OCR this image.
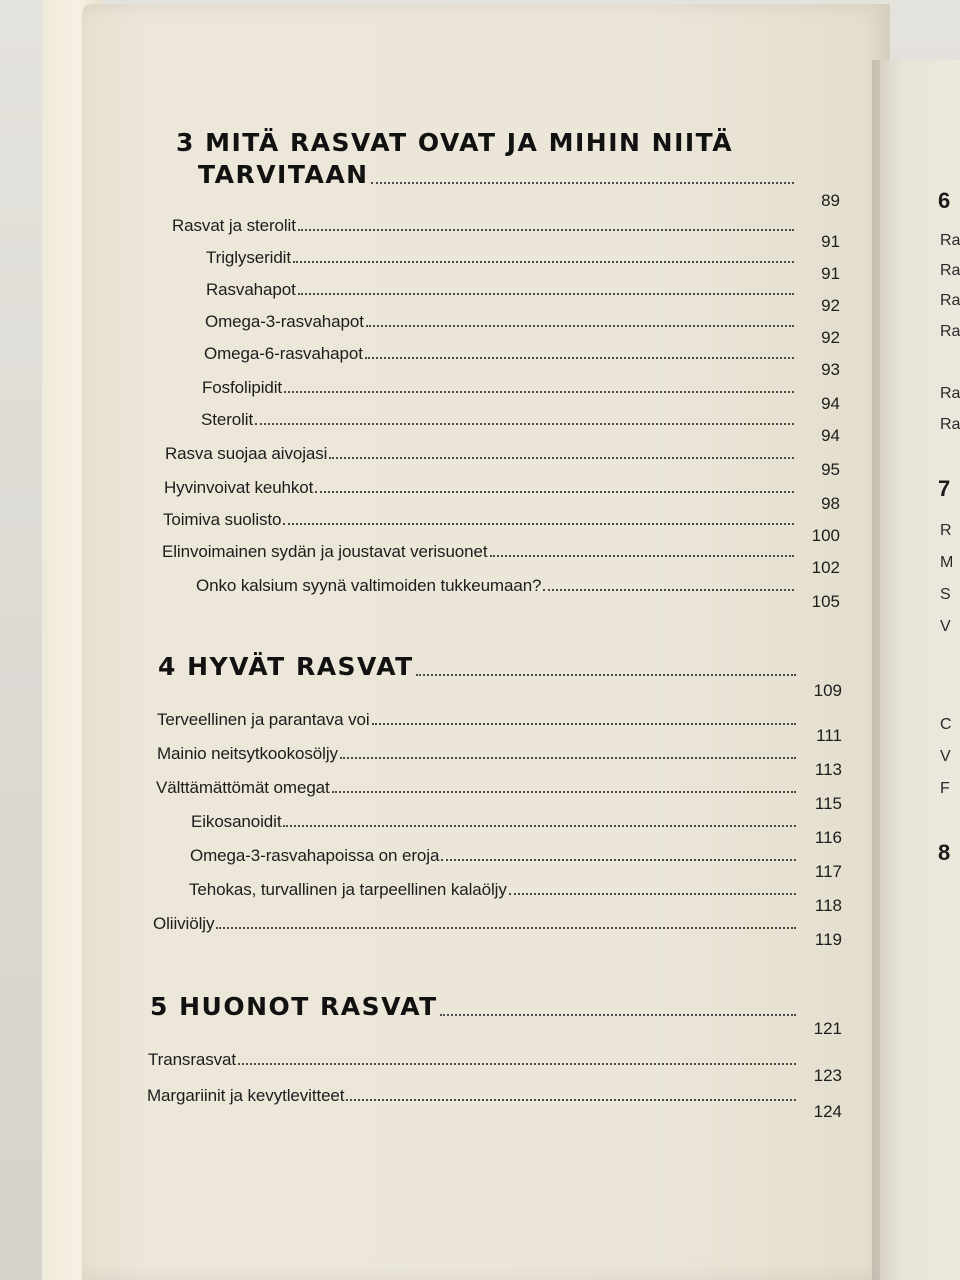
6
Ra
Ra
Ra
Ra
Ra
Ra
7
R
M
S
V
C
V
F
8
3 MITÄ RASVAT OVAT JA MIHIN NIITÄ
TARVITAAN
89
Rasvat ja sterolit
91
Triglyseridit
91
Rasvahapot
92
Omega-3-rasvahapot
92
Omega-6-rasvahapot
93
Fosfolipidit
94
Sterolit
94
Rasva suojaa aivojasi
95
Hyvinvoivat keuhkot
98
Toimiva suolisto
100
Elinvoimainen sydän ja joustavat verisuonet
102
Onko kalsium syynä valtimoiden tukkeumaan?
105
4 HYVÄT RASVAT
109
Terveellinen ja parantava voi
111
Mainio neitsytkookosöljy
113
Välttämättömät omegat
115
Eikosanoidit
116
Omega-3-rasvahapoissa on eroja
117
Tehokas, turvallinen ja tarpeellinen kalaöljy
118
Oliiviöljy
119
5 HUONOT RASVAT
121
Transrasvat
123
Margariinit ja kevytlevitteet
124
